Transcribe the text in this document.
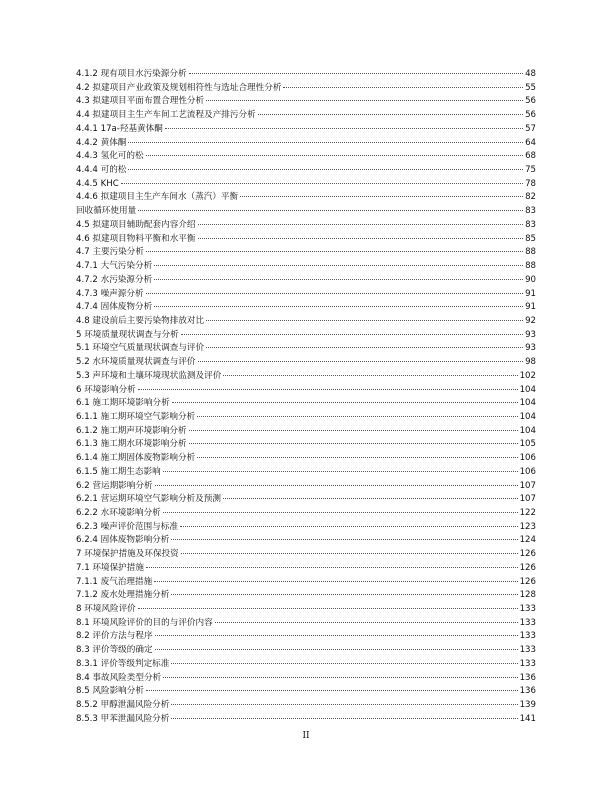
4.1.2 现有项目水污染源分析	48
4.2 拟建项目产业政策及规划相符性与选址合理性分析	55
4.3 拟建项目平面布置合理性分析	56
4.4 拟建项目主生产车间工艺流程及产排污分析	56
4.4.1 17a-羟基黄体酮	57
4.4.2 黄体酮	64
4.4.3 氢化可的松	68
4.4.4 可的松	75
4.4.5 KHC	78
4.4.6 拟建项目主生产车间水（蒸汽）平衡	82
回收循环使用量	83
4.5 拟建项目辅助配套内容介绍	83
4.6 拟建项目物料平衡和水平衡	85
4.7 主要污染分析	88
4.7.1 大气污染分析	88
4.7.2 水污染源分析	90
4.7.3 噪声源分析	91
4.7.4 固体废物分析	91
4.8 建设前后主要污染物排放对比	92
5 环境质量现状调查与分析	93
5.1 环境空气质量现状调查与评价	93
5.2 水环境质量现状调查与评价	98
5.3 声环境和土壤环境现状监测及评价	102
6 环境影响分析	104
6.1 施工期环境影响分析	104
6.1.1 施工期环境空气影响分析	104
6.1.2 施工期声环境影响分析	104
6.1.3 施工期水环境影响分析	105
6.1.4 施工期固体废物影响分析	106
6.1.5 施工期生态影响	106
6.2 营运期影响分析	107
6.2.1 营运期环境空气影响分析及预测	107
6.2.2 水环境影响分析	122
6.2.3 噪声评价范围与标准	123
6.2.4 固体废物影响分析	124
7 环境保护措施及环保投资	126
7.1 环境保护措施	126
7.1.1 废气治理措施	126
7.1.2 废水处理措施分析	128
8 环境风险评价	133
8.1 环境风险评价的目的与评价内容	133
8.2 评价方法与程序	133
8.3 评价等级的确定	133
8.3.1 评价等级判定标准	133
8.4 事故风险类型分析	136
8.5 风险影响分析	136
8.5.2 甲醇泄漏风险分析	139
8.5.3 甲苯泄漏风险分析	141
II
